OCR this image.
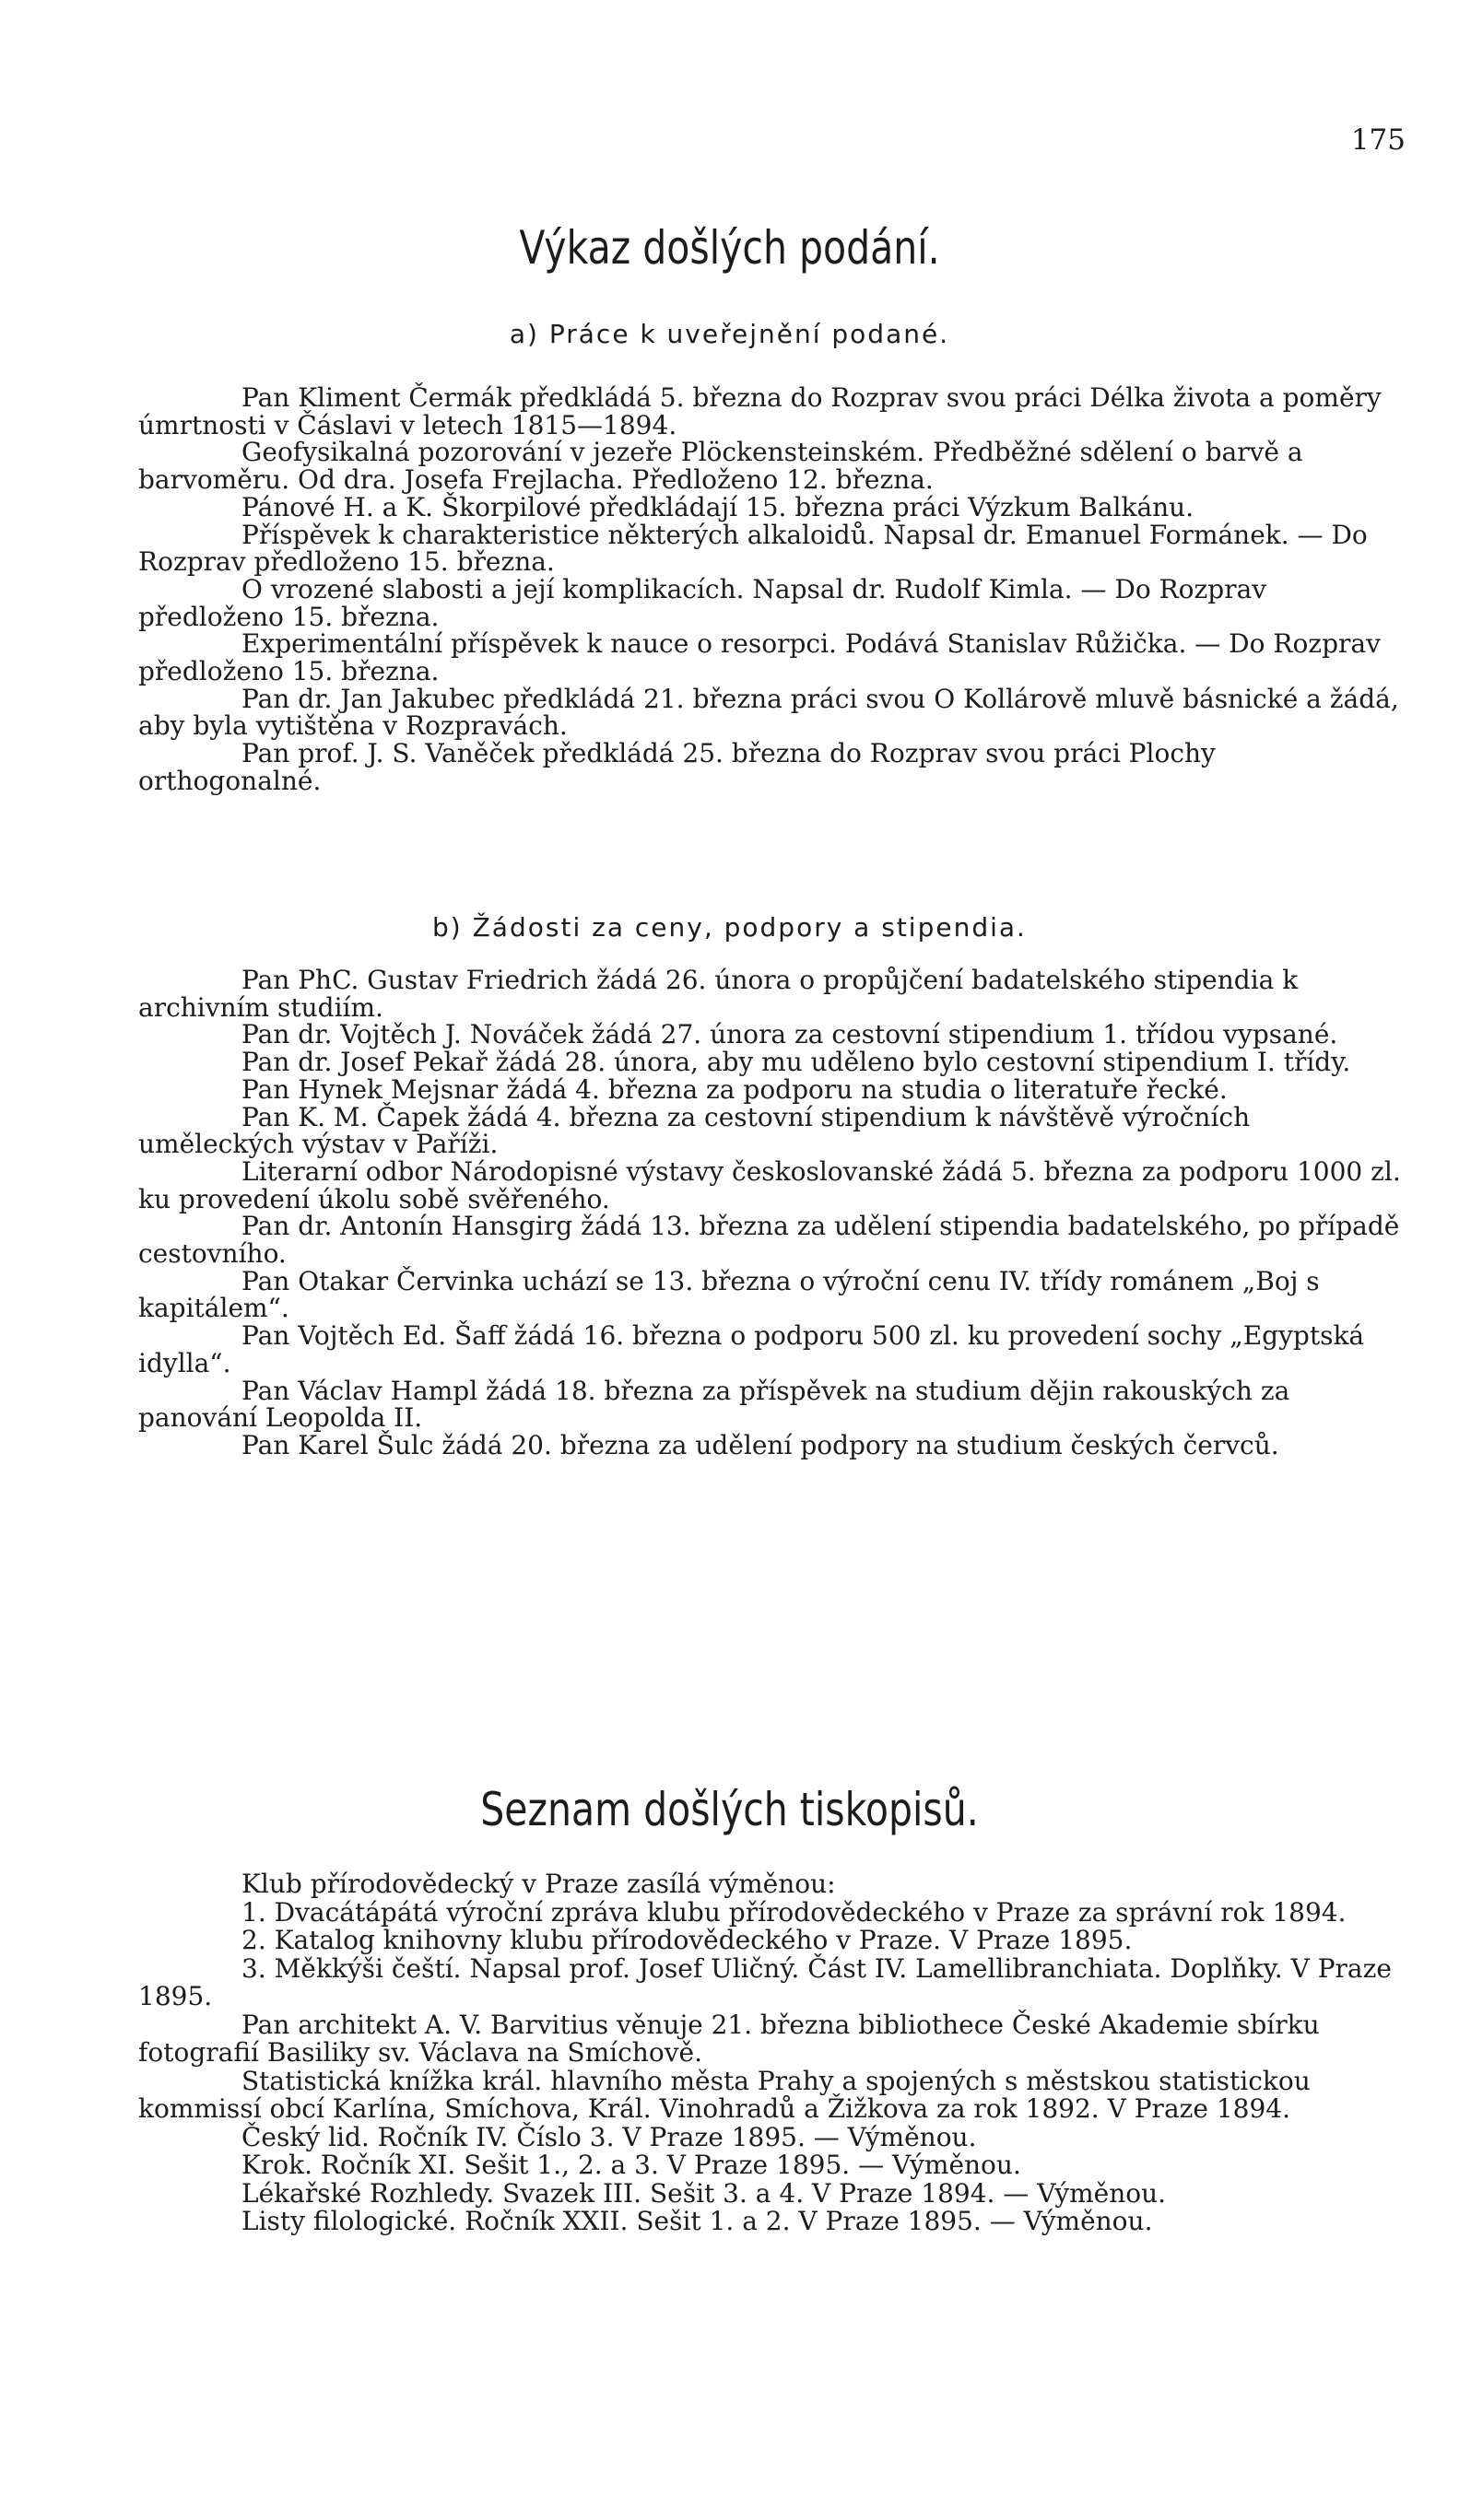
175
Výkaz došlých podání.
a) Práce k uveřejnění podané.

Pan Kliment Čermák předkládá 5. března do Rozprav svou práci Délka života a poměry úmrtnosti v Čáslavi v letech 1815—1894.

Geofysikalná pozorování v jezeře Plöckensteinském. Předběžné sdělení o barvě a barvoměru. Od dra. Josefa Frejlacha. Předloženo 12. března.

Pánové H. a K. Škorpilové předkládají 15. března práci Výzkum Balkánu.

Příspěvek k charakteristice některých alkaloidů. Napsal dr. Emanuel Formánek. — Do Rozprav předloženo 15. března.

O vrozené slabosti a její komplikacích. Napsal dr. Rudolf Kimla. — Do Rozprav předloženo 15. března.

Experimentální příspěvek k nauce o resorpci. Podává Stanislav Růžička. — Do Rozprav předloženo 15. března.

Pan dr. Jan Jakubec předkládá 21. března práci svou O Kollárově mluvě básnické a žádá, aby byla vytištěna v Rozpravách.

Pan prof. J. S. Vaněček předkládá 25. března do Rozprav svou práci Plochy orthogonalné.

b) Žádosti za ceny, podpory a stipendia.

Pan PhC. Gustav Friedrich žádá 26. února o propůjčení badatelského stipendia k archivním studiím.

Pan dr. Vojtěch J. Nováček žádá 27. února za cestovní stipendium 1. třídou vypsané.

Pan dr. Josef Pekař žádá 28. února, aby mu uděleno bylo cestovní stipendium I. třídy.

Pan Hynek Mejsnar žádá 4. března za podporu na studia o literatuře řecké.

Pan K. M. Čapek žádá 4. března za cestovní stipendium k návštěvě výročních uměleckých výstav v Paříži.

Literarní odbor Národopisné výstavy českoslovanské žádá 5. března za podporu 1000 zl. ku provedení úkolu sobě svěřeného.

Pan dr. Antonín Hansgirg žádá 13. března za udělení stipendia badatelského, po případě cestovního.

Pan Otakar Červinka uchází se 13. března o výroční cenu IV. třídy románem „Boj s kapitálem“.

Pan Vojtěch Ed. Šaff žádá 16. března o podporu 500 zl. ku provedení sochy „Egyptská idylla“.

Pan Václav Hampl žádá 18. března za příspěvek na studium dějin rakouských za panování Leopolda II.

Pan Karel Šulc žádá 20. března za udělení podpory na studium českých červců.

Seznam došlých tiskopisů.

Klub přírodovědecký v Praze zasílá výměnou:

1. Dvacátápátá výroční zpráva klubu přírodovědeckého v Praze za správní rok 1894.

2. Katalog knihovny klubu přírodovědeckého v Praze. V Praze 1895.

3. Měkkýši čeští. Napsal prof. Josef Uličný. Část IV. Lamellibranchiata. Doplňky. V Praze 1895.

Pan architekt A. V. Barvitius věnuje 21. března bibliothece České Akademie sbírku fotografií Basiliky sv. Václava na Smíchově.

Statistická knížka král. hlavního města Prahy a spojených s městskou statistickou kommissí obcí Karlína, Smíchova, Král. Vinohradů a Žižkova za rok 1892. V Praze 1894.

Český lid. Ročník IV. Číslo 3. V Praze 1895. — Výměnou.

Krok. Ročník XI. Sešit 1., 2. a 3. V Praze 1895. — Výměnou.

Lékařské Rozhledy. Svazek III. Sešit 3. a 4. V Praze 1894. — Výměnou.

Listy filologické. Ročník XXII. Sešit 1. a 2. V Praze 1895. — Výměnou.
